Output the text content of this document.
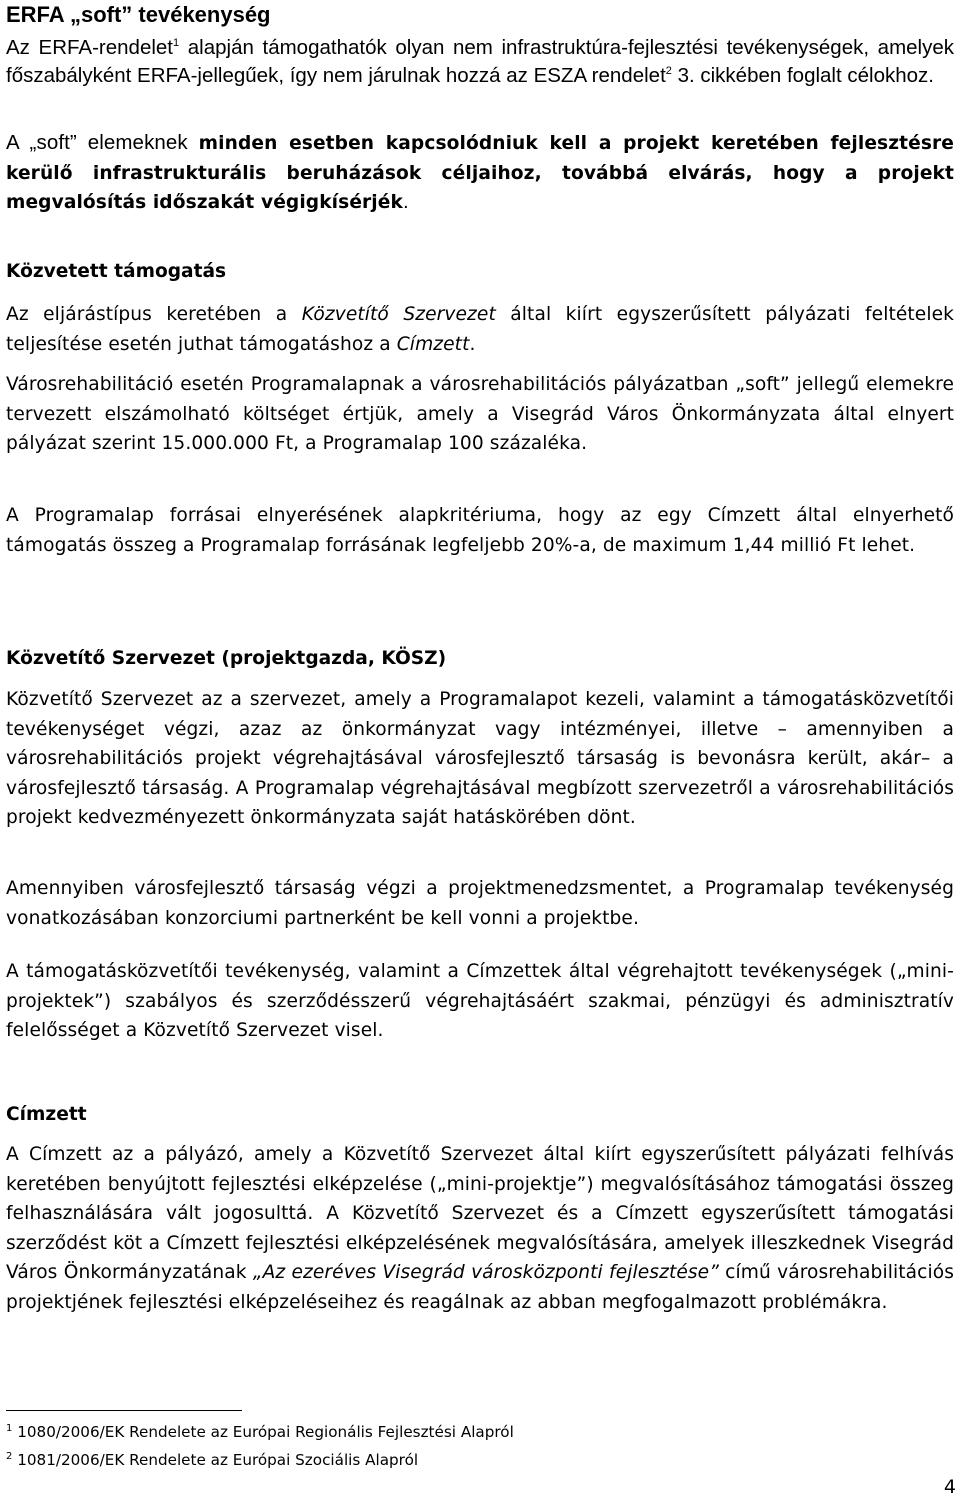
ERFA „soft” tevékenység

Az ERFA-rendelet$^1$ alapján támogathatók olyan nem infrastruktúra-fejlesztési tevékenységek, amelyek főszabályként ERFA-jellegűek, így nem járulnak hozzá az ESZA rendelet$^2$ 3. cikkében foglalt célokhoz.

A „soft” elemeknek minden esetben kapcsolódniuk kell a projekt keretében fejlesztésre kerülő infrastrukturális beruházások céljaihoz, továbbá elvárás, hogy a projekt megvalósítás időszakát végigkísérjék.

Közvetett támogatás

Az eljárástípus keretében a Közvetítő Szervezet által kiírt egyszerűsített pályázati feltételek teljesítése esetén juthat támogatáshoz a Címzett.

Városrehabilitáció esetén Programalapnak a városrehabilitációs pályázatban „soft” jellegű elemekre tervezett elszámolható költséget értjük, amely a Visegrád Város Önkormányzata által elnyert pályázat szerint 15.000.000 Ft, a Programalap 100 százaléka.

A Programalap forrásai elnyerésének alapkritériuma, hogy az egy Címzett által elnyerhető támogatás összeg a Programalap forrásának legfeljebb 20%-a, de maximum 1,44 millió Ft lehet.

Közvetítő Szervezet (projektgazda, KÖSZ)

Közvetítő Szervezet az a szervezet, amely a Programalapot kezeli, valamint a támogatásközvetítői tevékenységet végzi, azaz az önkormányzat vagy intézményei, illetve – amennyiben a városrehabilitációs projekt végrehajtásával városfejlesztő társaság is bevonásra került, akár– a városfejlesztő társaság. A Programalap végrehajtásával megbízott szervezetről a városrehabilitációs projekt kedvezményezett önkormányzata saját hatáskörében dönt.

Amennyiben városfejlesztő társaság végzi a projektmenedzsmentet, a Programalap tevékenység vonatkozásában konzorciumi partnerként be kell vonni a projektbe.

A támogatásközvetítői tevékenység, valamint a Címzettek által végrehajtott tevékenységek („mini-projektek”) szabályos és szerződésszerű végrehajtásáért szakmai, pénzügyi és adminisztratív felelősséget a Közvetítő Szervezet visel.

Címzett

A Címzett az a pályázó, amely a Közvetítő Szervezet által kiírt egyszerűsített pályázati felhívás keretében benyújtott fejlesztési elképzelése („mini-projektje”) megvalósításához támogatási összeg felhasználására vált jogosulttá. A Közvetítő Szervezet és a Címzett egyszerűsített támogatási szerződést köt a Címzett fejlesztési elképzelésének megvalósítására, amelyek illeszkednek Visegrád Város Önkormányzatának „Az ezeréves Visegrád városközponti fejlesztése” című városrehabilitációs projektjének fejlesztési elképzeléseihez és reagálnak az abban megfogalmazott problémákra.

$^1$ 1080/2006/EK Rendelete az Európai Regionális Fejlesztési Alapról
$^2$ 1081/2006/EK Rendelete az Európai Szociális Alapról
4
